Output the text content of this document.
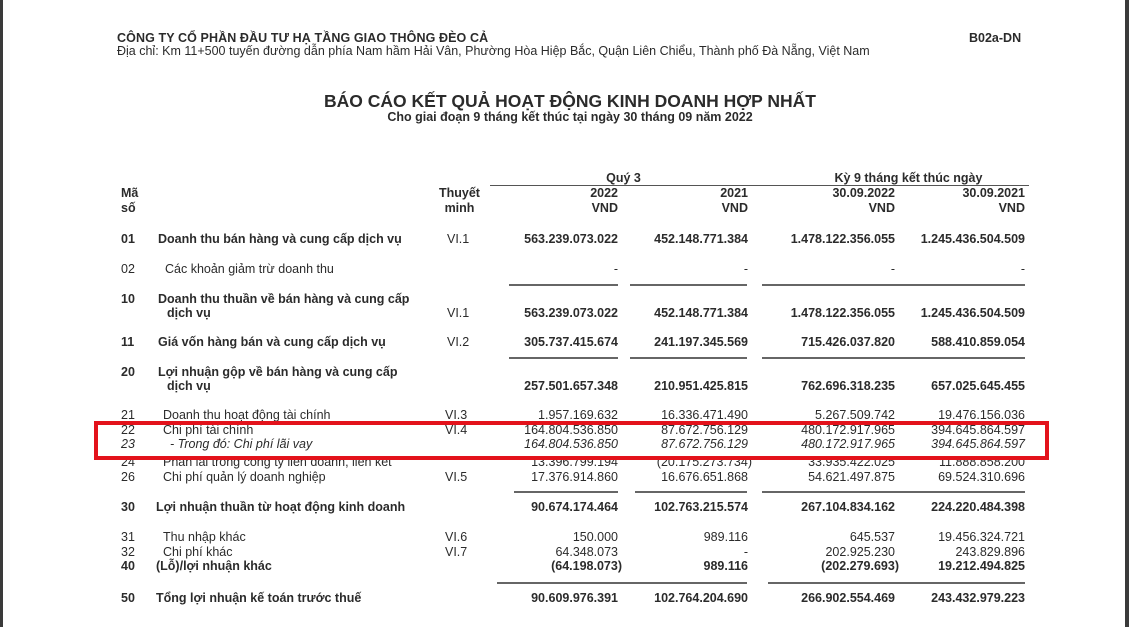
CÔNG TY CỔ PHẦN ĐẦU TƯ HẠ TẦNG GIAO THÔNG ĐÈO CẢ
Địa chỉ: Km 11+500 tuyến đường dẫn phía Nam hầm Hải Vân, Phường Hòa Hiệp Bắc, Quận Liên Chiểu, Thành phố Đà Nẵng, Việt Nam
B02a-DN
BÁO CÁO KẾT QUẢ HOẠT ĐỘNG KINH DOANH HỢP NHẤT
Cho giai đoạn 9 tháng kết thúc tại ngày 30 tháng 09 năm 2022
Mã
số
Thuyết
minh
Quý 3	Kỳ 9 tháng kết thúc ngày
2022	2021	30.09.2022	30.09.2021
VND	VND	VND	VND
01 Doanh thu bán hàng và cung cấp dịch vụ	VI.1	563.239.073.022	452.148.771.384	1.478.122.356.055	1.245.436.504.509
02 Các khoản giảm trừ doanh thu	-	-	-	-
10 Doanh thu thuần về bán hàng và cung cấp
dịch vụ	VI.1	563.239.073.022	452.148.771.384	1.478.122.356.055	1.245.436.504.509
11 Giá vốn hàng bán và cung cấp dịch vụ	VI.2	305.737.415.674	241.197.345.569	715.426.037.820	588.410.859.054
20 Lợi nhuận gộp về bán hàng và cung cấp
dịch vụ	257.501.657.348	210.951.425.815	762.696.318.235	657.025.645.455
21 Doanh thu hoạt động tài chính	VI.3	1.957.169.632	16.336.471.490	5.267.509.742	19.476.156.036
22 Chi phí tài chính	VI.4	164.804.536.850	87.672.756.129	480.172.917.965	394.645.864.597
23	- Trong đó: Chi phí lãi vay	164.804.536.850	87.672.756.129	480.172.917.965	394.645.864.597
24 Phần lãi trong công ty liên doanh, liên kết	13.396.799.194	(20.175.273.734)	33.935.422.025	11.888.858.200
26 Chi phí quản lý doanh nghiệp	VI.5	17.376.914.860	16.676.651.868	54.621.497.875	69.524.310.696
30 Lợi nhuận thuần từ hoạt động kinh doanh	90.674.174.464	102.763.215.574	267.104.834.162	224.220.484.398
31 Thu nhập khác	VI.6	150.000	989.116	645.537	19.456.324.721
32 Chi phí khác	VI.7	64.348.073	-	202.925.230	243.829.896
40 (Lỗ)/lợi nhuận khác	(64.198.073)	989.116	(202.279.693)	19.212.494.825
50 Tổng lợi nhuận kế toán trước thuế	90.609.976.391	102.764.204.690	266.902.554.469	243.432.979.223
